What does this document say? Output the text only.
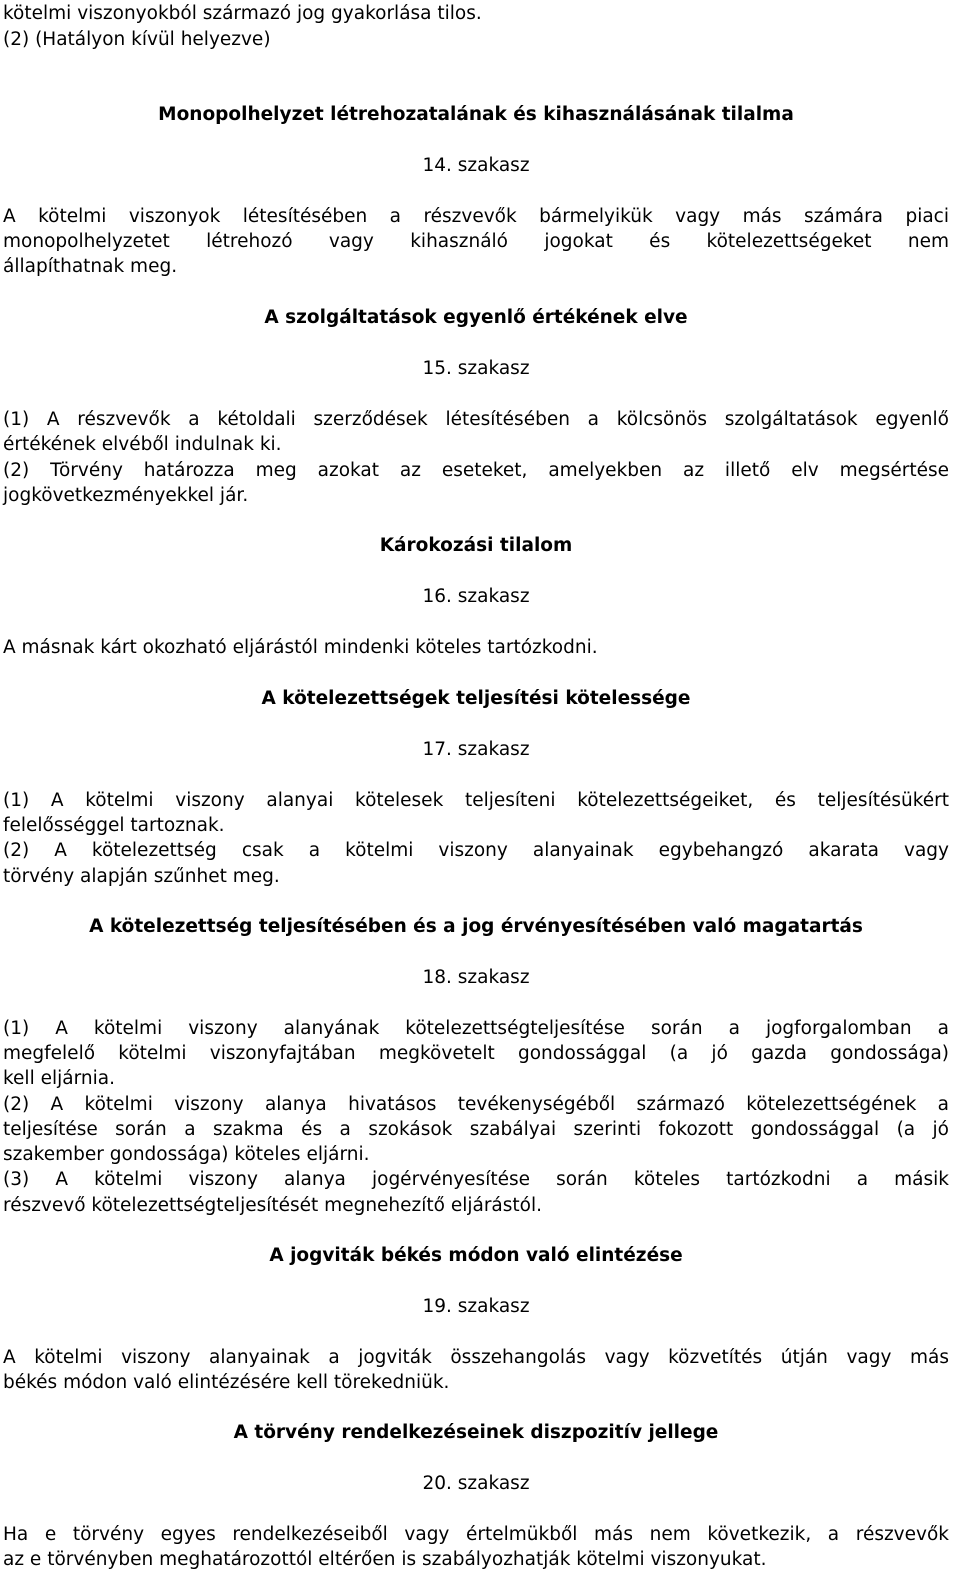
kötelmi viszonyokból származó jog gyakorlása tilos.
(2) (Hatályon kívül helyezve)
Monopolhelyzet létrehozatalának és kihasználásának tilalma
14. szakasz
A kötelmi viszonyok létesítésében a részvevők bármelyikük vagy más számára piaci
monopolhelyzetet létrehozó vagy kihasználó jogokat és kötelezettségeket nem
állapíthatnak meg.
A szolgáltatások egyenlő értékének elve
15. szakasz
(1) A részvevők a kétoldali szerződések létesítésében a kölcsönös szolgáltatások egyenlő
értékének elvéből indulnak ki.
(2) Törvény határozza meg azokat az eseteket, amelyekben az illető elv megsértése
jogkövetkezményekkel jár.
Károkozási tilalom
16. szakasz
A másnak kárt okozható eljárástól mindenki köteles tartózkodni.
A kötelezettségek teljesítési kötelessége
17. szakasz
(1) A kötelmi viszony alanyai kötelesek teljesíteni kötelezettségeiket, és teljesítésükért
felelősséggel tartoznak.
(2) A kötelezettség csak a kötelmi viszony alanyainak egybehangzó akarata vagy
törvény alapján szűnhet meg.
A kötelezettség teljesítésében és a jog érvényesítésében való magatartás
18. szakasz
(1) A kötelmi viszony alanyának kötelezettségteljesítése során a jogforgalomban a
megfelelő kötelmi viszonyfajtában megkövetelt gondossággal (a jó gazda gondossága)
kell eljárnia.
(2) A kötelmi viszony alanya hivatásos tevékenységéből származó kötelezettségének a
teljesítése során a szakma és a szokások szabályai szerinti fokozott gondossággal (a jó
szakember gondossága) köteles eljárni.
(3) A kötelmi viszony alanya jogérvényesítése során köteles tartózkodni a másik
részvevő kötelezettségteljesítését megnehezítő eljárástól.
A jogviták békés módon való elintézése
19. szakasz
A kötelmi viszony alanyainak a jogviták összehangolás vagy közvetítés útján vagy más
békés módon való elintézésére kell törekedniük.
A törvény rendelkezéseinek diszpozitív jellege
20. szakasz
Ha e törvény egyes rendelkezéseiből vagy értelmükből más nem következik, a részvevők
az e törvényben meghatározottól eltérően is szabályozhatják kötelmi viszonyukat.
